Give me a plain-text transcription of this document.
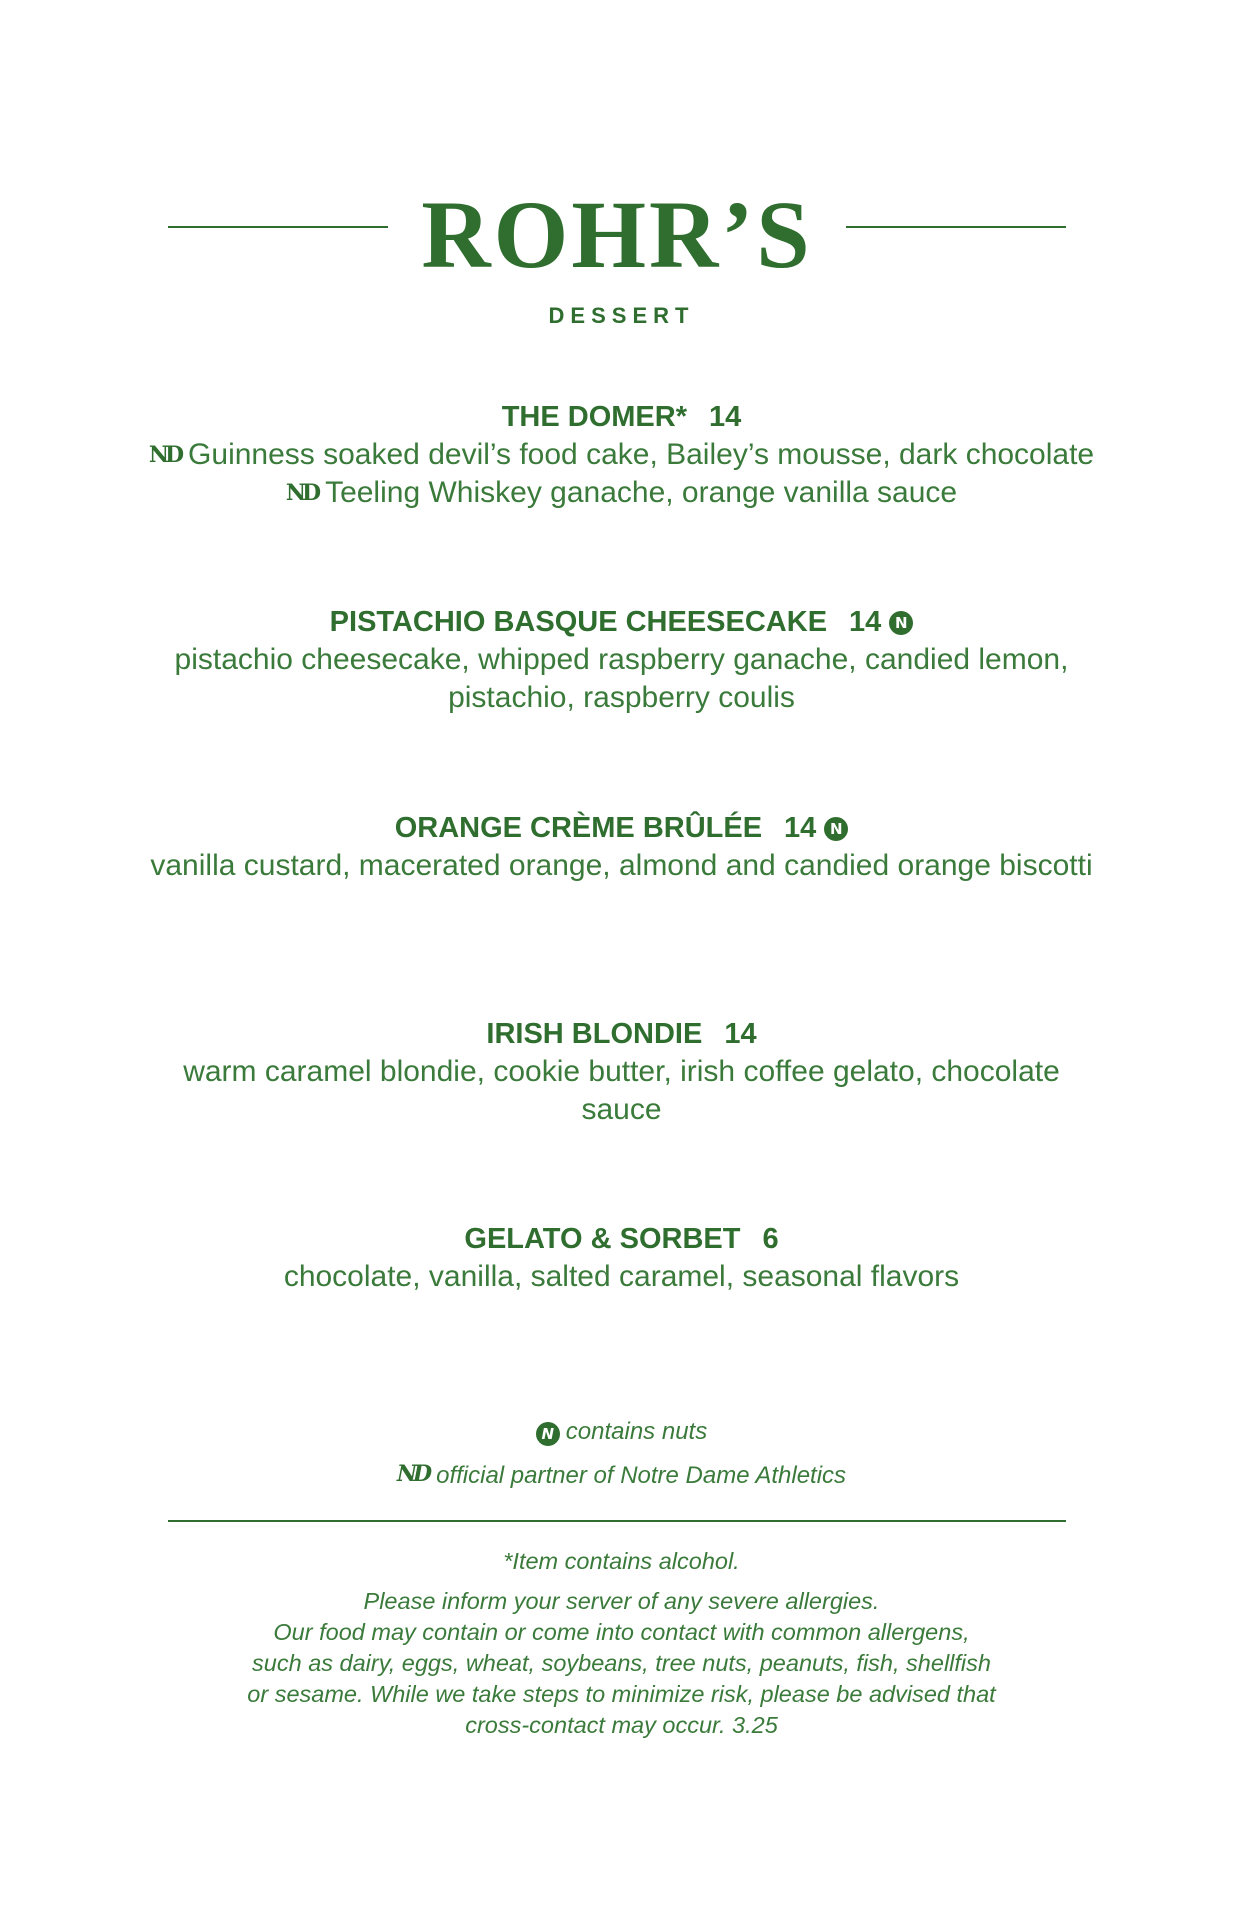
ROHR’S
DESSERT
THE DOMER* 14
ND Guinness soaked devil’s food cake, Bailey’s mousse, dark chocolate ND Teeling Whiskey ganache, orange vanilla sauce
PISTACHIO BASQUE CHEESECAKE 14 N
pistachio cheesecake, whipped raspberry ganache, candied lemon, pistachio, raspberry coulis
ORANGE CRÈME BRÛLÉE 14 N
vanilla custard, macerated orange, almond and candied orange biscotti
IRISH BLONDIE 14
warm caramel blondie, cookie butter, irish coffee gelato, chocolate sauce
GELATO & SORBET 6
chocolate, vanilla, salted caramel, seasonal flavors
N contains nuts
ND official partner of Notre Dame Athletics

*Item contains alcohol.

Please inform your server of any severe allergies.

Our food may contain or come into contact with common allergens,

such as dairy, eggs, wheat, soybeans, tree nuts, peanuts, fish, shellfish

or sesame. While we take steps to minimize risk, please be advised that

cross-contact may occur. 3.25
